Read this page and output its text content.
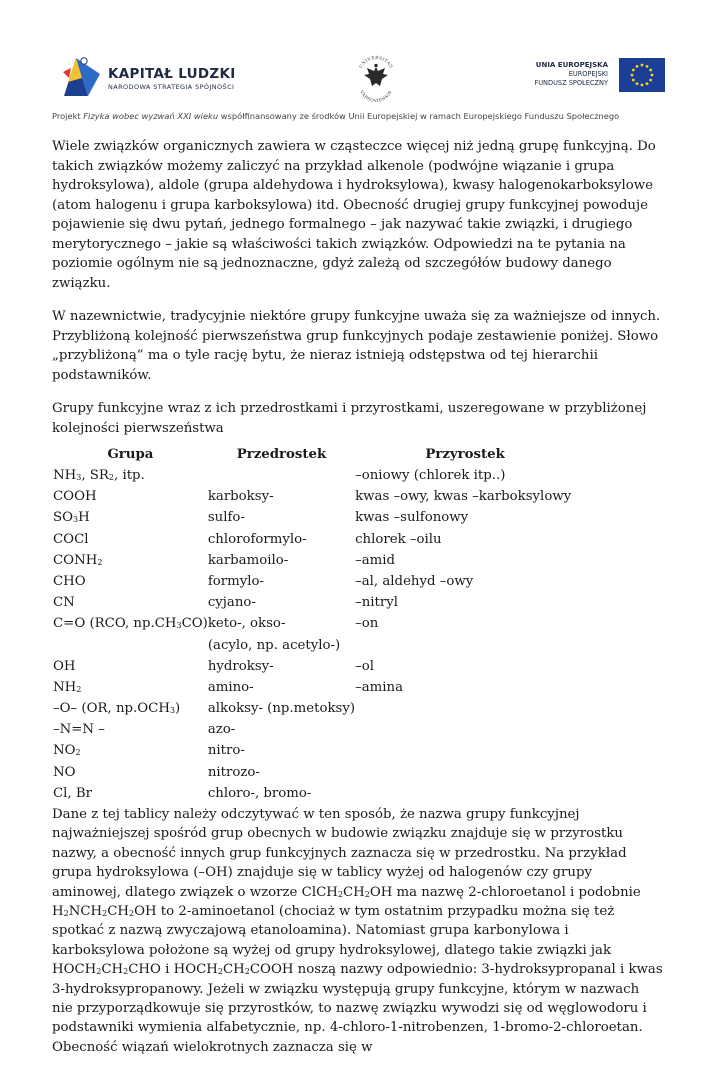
KAPITAŁ LUDZKI
NARODOWA STRATEGIA SPÓJNOŚCI
UNIVERSITAS
VARSOVIENSIS
UNIA EUROPEJSKA
EUROPEJSKI
FUNDUSZ SPOŁECZNY
Projekt Fizyka wobec wyzwań XXI wieku współfinansowany ze środków Unii Europejskiej w ramach Europejskiego Funduszu Społecznego

Wiele związków organicznych zawiera w cząsteczce więcej niż jedną grupę funkcyjną. Do takich związków możemy zaliczyć na przykład alkenole (podwójne wiązanie i grupa hydroksylowa), aldole (grupa aldehydowa i hydroksylowa), kwasy halogenokarboksylowe (atom halogenu i grupa karboksylowa) itd. Obecność drugiej grupy funkcyjnej powoduje pojawienie się dwu pytań, jednego formalnego – jak nazywać takie związki, i drugiego merytorycznego – jakie są właściwości takich związków. Odpowiedzi na te pytania na poziomie ogólnym nie są jednoznaczne, gdyż zależą od szczegółów budowy danego związku.

W nazewnictwie, tradycyjnie niektóre grupy funkcyjne uważa się za ważniejsze od innych. Przybliżoną kolejność pierwszeństwa grup funkcyjnych podaje zestawienie poniżej. Słowo „przybliżoną” ma o tyle rację bytu, że nieraz istnieją odstępstwa od tej hierarchii podstawników.

Grupy funkcyjne wraz z ich przedrostkami i przyrostkami, uszeregowane w przybliżonej kolejności pierwszeństwa

Grupa	Przedrostek	Przyrostek
$NH_3$, $SR_2$, itp.		–oniowy (chlorek itp..)
COOH	karboksy-	kwas –owy, kwas –karboksylowy
$SO_3H$	sulfo-	kwas –sulfonowy
COCl	chloroformylo-	chlorek –oilu
$CONH_2$	karbamoilo-	–amid
CHO	formylo-	–al, aldehyd –owy
CN	cyjano-	–nitryl
C=O (RCO, $np.CH_3CO$)	keto-, okso-	–on
	(acylo, np. acetylo-)	
OH	hydroksy-	–ol
$NH_2$	amino-	–amina
–O– (OR, $np.OCH_3$)	alkoksy- (np.metoksy)	
–N=N –	azo-	
$NO_2$	nitro-	
NO	nitrozo-	
Cl, Br	chloro-, bromo-	

Dane z tej tablicy należy odczytywać w ten sposób, że nazwa grupy funkcyjnej najważniejszej spośród grup obecnych w budowie związku znajduje się w przyrostku nazwy, a obecność innych grup funkcyjnych zaznacza się w przedrostku. Na przykład grupa hydroksylowa (–OH) znajduje się w tablicy wyżej od halogenów czy grupy aminowej, dlatego związek o wzorze $ClCH_2CH_2OH$ ma nazwę 2-chloroetanol i podobnie $H_2NCH_2CH_2OH$ to 2-aminoetanol (chociaż w tym ostatnim przypadku można się też spotkać z nazwą zwyczajową etanoloamina). Natomiast grupa karbonylowa i karboksylowa położone są wyżej od grupy hydroksylowej, dlatego takie związki jak $HOCH_2CH_2CHO$ i $HOCH_2CH_2COOH$ noszą nazwy odpowiednio: 3-hydroksypropanal i kwas 3-hydroksypropanowy. Jeżeli w związku występują grupy funkcyjne, którym w nazwach nie przyporządkowuje się przyrostków, to nazwę związku wywodzi się od węglowodoru i podstawniki wymienia alfabetycznie, np. 4-chloro-1-nitrobenzen, 1-bromo-2-chloroetan. Obecność wiązań wielokrotnych zaznacza się w
